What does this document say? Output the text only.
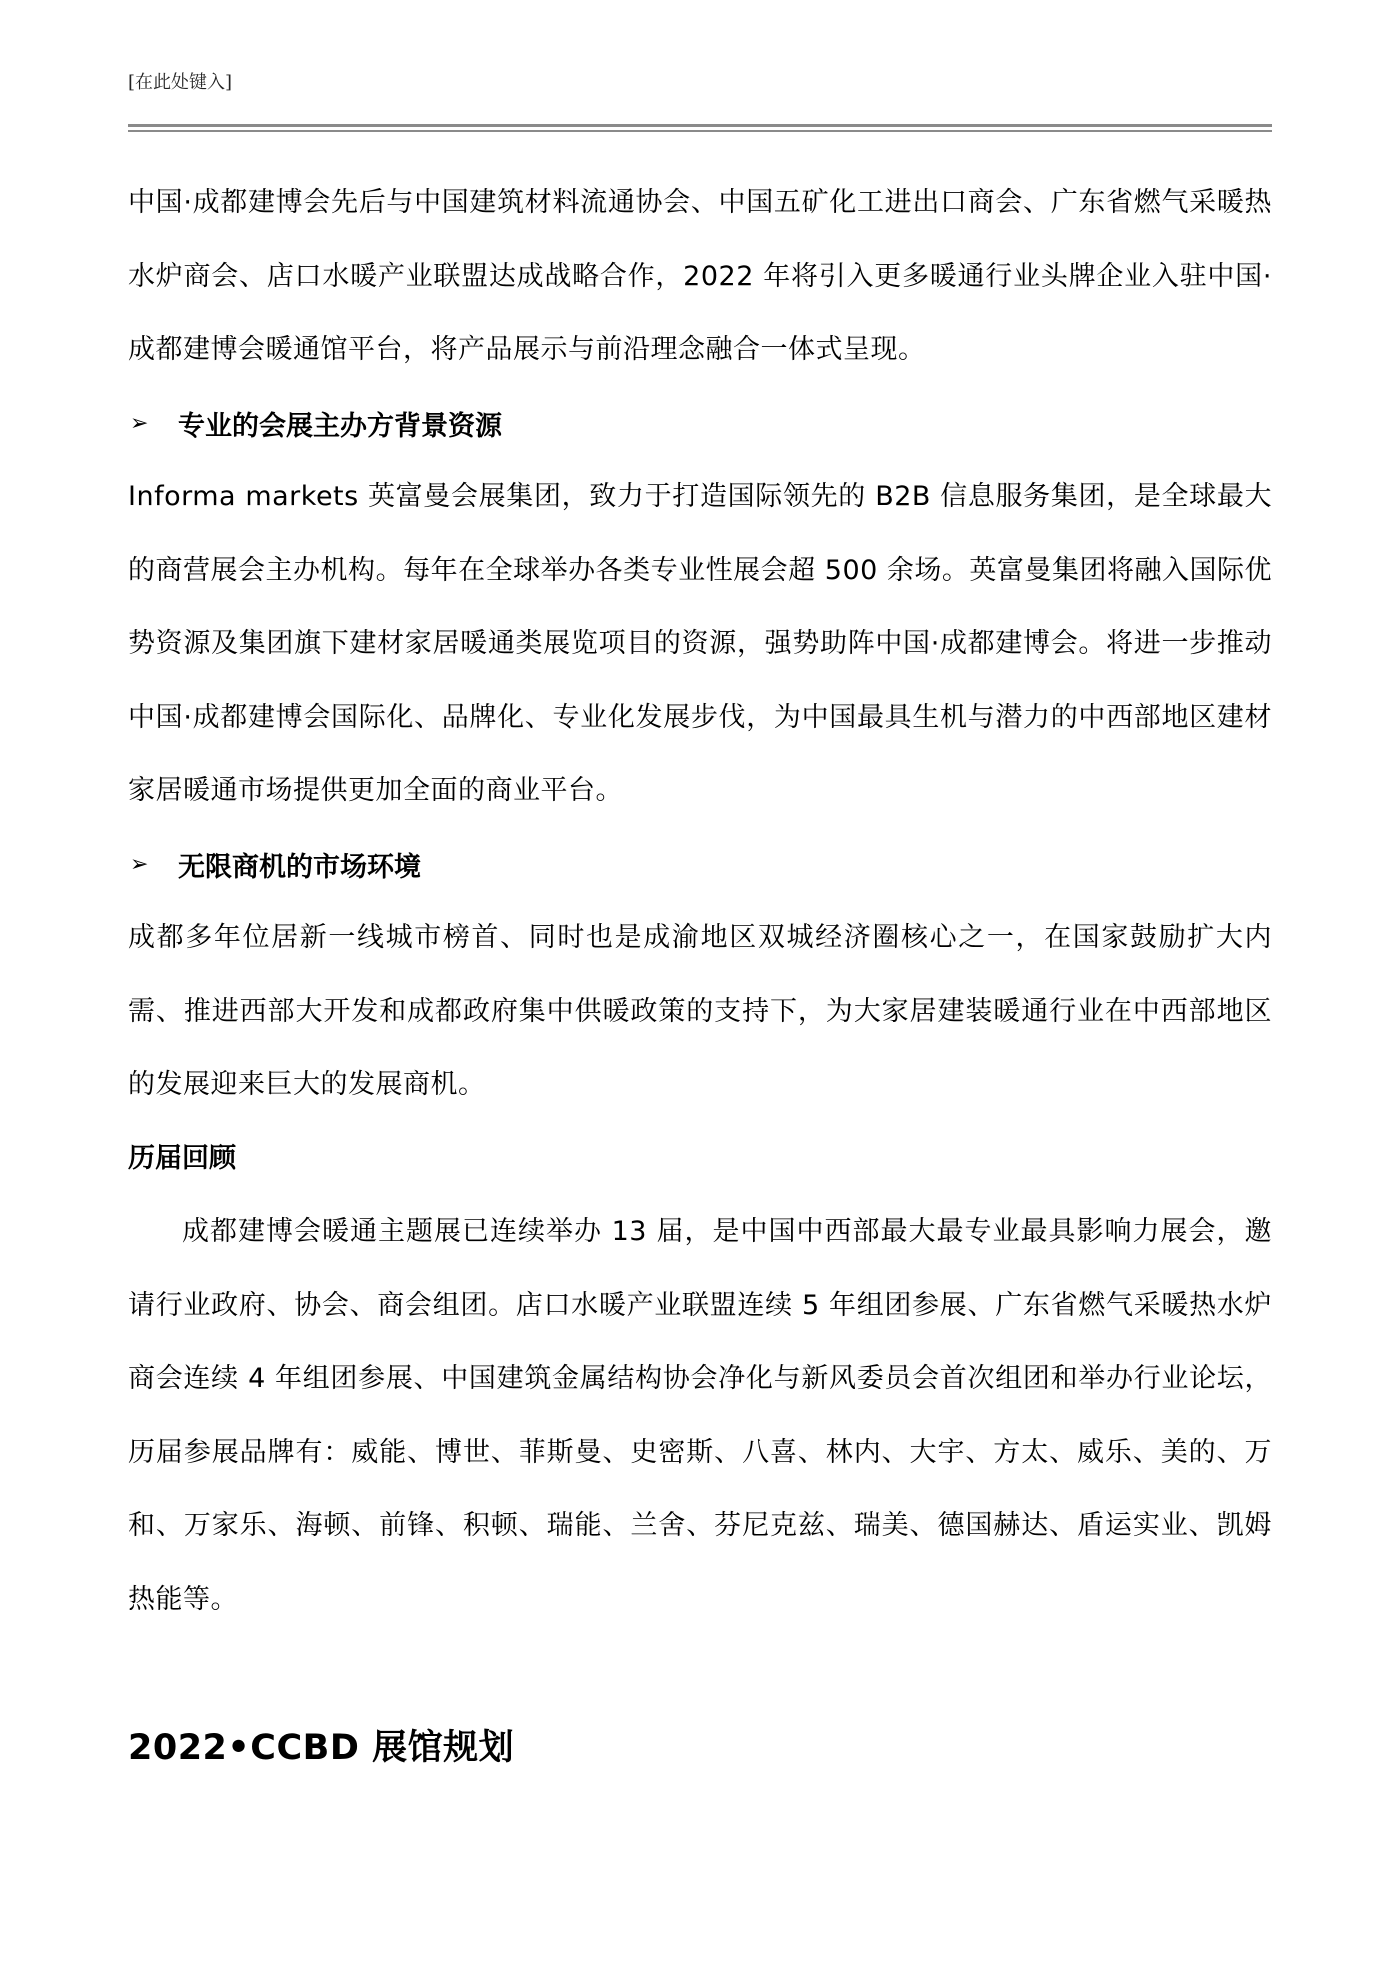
[在此处键入]

中国·成都建博会先后与中国建筑材料流通协会、中国五矿化工进出口商会、广东省燃气采暖热水炉商会、店口水暖产业联盟达成战略合作，2022 年将引入更多暖通行业头牌企业入驻中国·成都建博会暖通馆平台，将产品展示与前沿理念融合一体式呈现。

➢	专业的会展主办方背景资源

Informa markets 英富曼会展集团，致力于打造国际领先的 B2B 信息服务集团，是全球最大的商营展会主办机构。每年在全球举办各类专业性展会超 500 余场。英富曼集团将融入国际优势资源及集团旗下建材家居暖通类展览项目的资源，强势助阵中国·成都建博会。将进一步推动中国·成都建博会国际化、品牌化、专业化发展步伐，为中国最具生机与潜力的中西部地区建材家居暖通市场提供更加全面的商业平台。

➢	无限商机的市场环境

成都多年位居新一线城市榜首、同时也是成渝地区双城经济圈核心之一，在国家鼓励扩大内需、推进西部大开发和成都政府集中供暖政策的支持下，为大家居建装暖通行业在中西部地区的发展迎来巨大的发展商机。

历届回顾

成都建博会暖通主题展已连续举办 13 届，是中国中西部最大最专业最具影响力展会，邀请行业政府、协会、商会组团。店口水暖产业联盟连续 5 年组团参展、广东省燃气采暖热水炉商会连续 4 年组团参展、中国建筑金属结构协会净化与新风委员会首次组团和举办行业论坛，历届参展品牌有：威能、博世、菲斯曼、史密斯、八喜、林内、大宇、方太、威乐、美的、万和、万家乐、海顿、前锋、积顿、瑞能、兰舍、芬尼克兹、瑞美、德国赫达、盾运实业、凯姆热能等。

2022•CCBD 展馆规划
